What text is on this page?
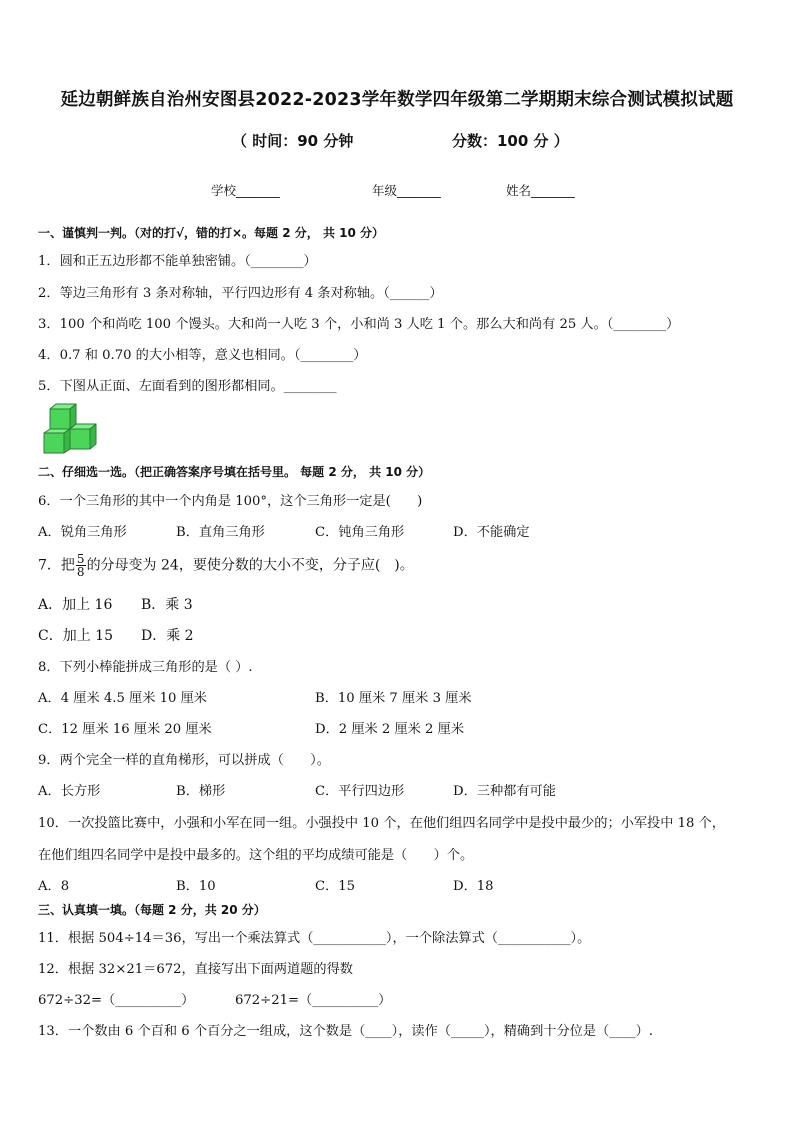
延边朝鲜族自治州安图县2022-2023学年数学四年级第二学期期末综合测试模拟试题
（ 时间：90 分钟	分数：100 分 ）
学校_______	年级_______	姓名_______
一、谨慎判一判。（对的打√，错的打×。每题 2 分， 共 10 分）
1．圆和正五边形都不能单独密铺。（________）
2．等边三角形有 3 条对称轴，平行四边形有 4 条对称轴。（______）
3．100 个和尚吃 100 个馒头。大和尚一人吃 3 个，小和尚 3 人吃 1 个。那么大和尚有 25 人。（________）
4．0.7 和 0.70 的大小相等，意义也相同。（________）
5．下图从正面、左面看到的图形都相同。________
二、仔细选一选。（把正确答案序号填在括号里。 每题 2 分， 共 10 分）
6．一个三角形的其中一个内角是 100°，这个三角形一定是(　　)
A．锐角三角形	B．直角三角形	C．钝角三角形	D．不能确定
7．把 $\frac{5}{8}$ 的分母变为 24，要使分数的大小不变，分子应(　)。
A．加上 16 B．乘 3
C．加上 15 D．乘 2
8．下列小棒能拼成三角形的是（ ）.
A．4 厘米 4.5 厘米 10 厘米	B．10 厘米 7 厘米 3 厘米
C．12 厘米 16 厘米 20 厘米	D．2 厘米 2 厘米 2 厘米
9．两个完全一样的直角梯形，可以拼成（　　）。
A．长方形	B．梯形	C．平行四边形	D．三种都有可能
10．一次投篮比赛中，小强和小军在同一组。小强投中 10 个，在他们组四名同学中是投中最少的；小军投中 18 个，
在他们组四名同学中是投中最多的。这个组的平均成绩可能是（　　）个。
A．8	B．10	C．15	D．18
三、认真填一填。（每题 2 分，共 20 分）
11．根据 504÷14＝36，写出一个乘法算式（___________），一个除法算式（___________）。
12．根据 32×21＝672，直接写出下面两道题的得数
672÷32=（__________）	672÷21=（__________）
13．一个数由 6 个百和 6 个百分之一组成，这个数是（____），读作（_____），精确到十分位是（____）.
